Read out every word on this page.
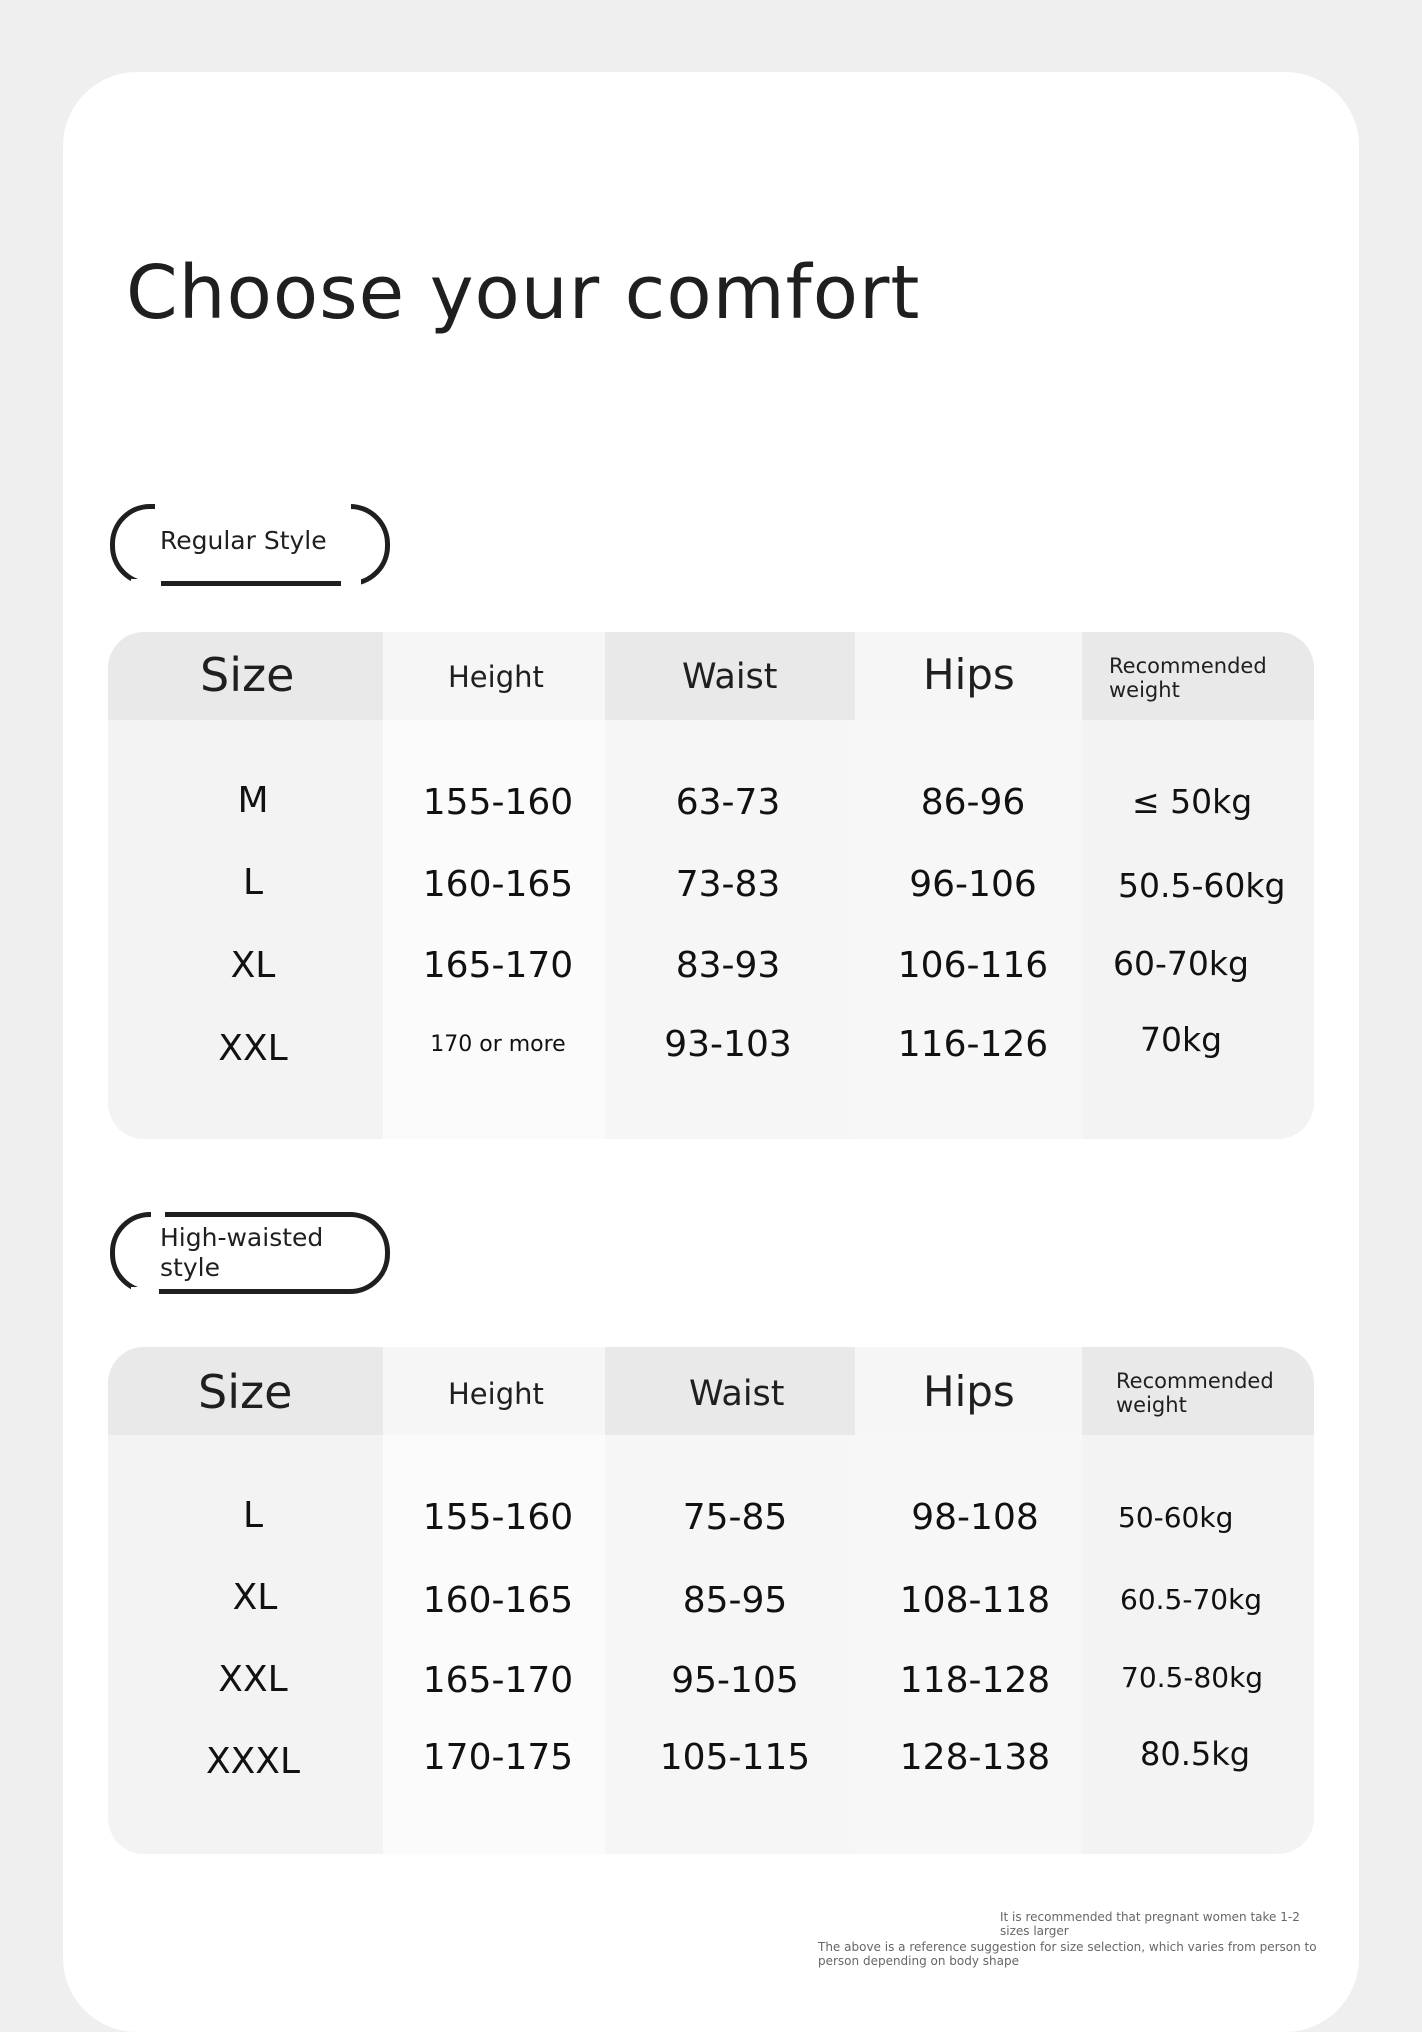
Choose your comfort
Regular Style
Size	Height	Waist	Hips	Recommended weight
M	155-160	63-73	86-96	≤ 50kg
L	160-165	73-83	96-106	50.5-60kg
XL	165-170	83-93	106-116	60-70kg
XXL	170 or more	93-103	116-126	70kg
High-waisted style
Size	Height	Waist	Hips	Recommended weight
L	155-160	75-85	98-108	50-60kg
XL	160-165	85-95	108-118	60.5-70kg
XXL	165-170	95-105	118-128	70.5-80kg
XXXL	170-175	105-115	128-138	80.5kg
It is recommended that pregnant women take 1-2 sizes larger
The above is a reference suggestion for size selection, which varies from person to person depending on body shape
